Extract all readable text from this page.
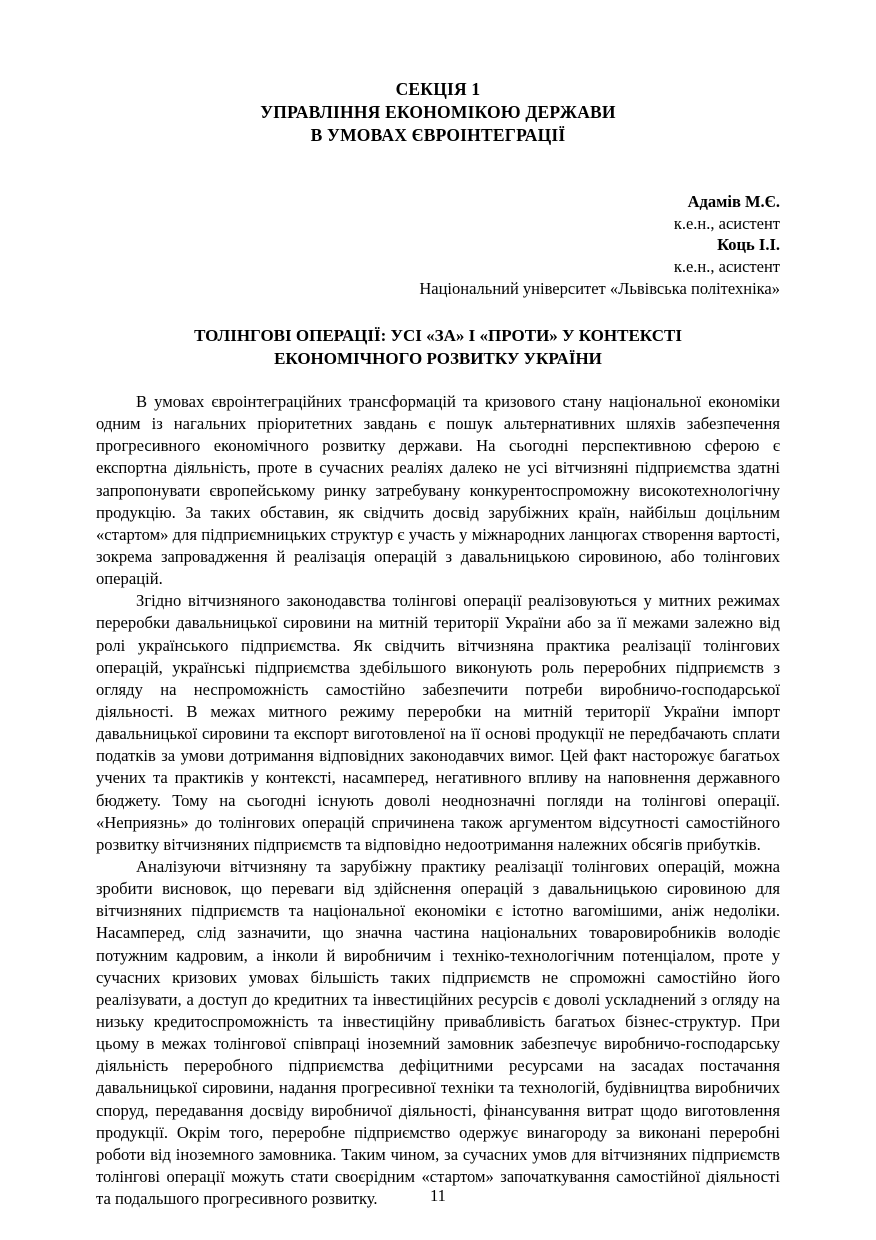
СЕКЦІЯ 1
УПРАВЛІННЯ ЕКОНОМІКОЮ ДЕРЖАВИ
В УМОВАХ ЄВРОІНТЕГРАЦІЇ
Адамів М.Є.
к.е.н., асистент
Коць І.І.
к.е.н., асистент
Національний університет «Львівська політехніка»
ТОЛІНГОВІ ОПЕРАЦІЇ: УСІ «ЗА» І «ПРОТИ» У КОНТЕКСТІ
ЕКОНОМІЧНОГО РОЗВИТКУ УКРАЇНИ

В умовах євроінтеграційних трансформацій та кризового стану національної економіки одним із нагальних пріоритетних завдань є пошук альтернативних шляхів забезпечення прогресивного економічного розвитку держави. На сьогодні перспективною сферою є експортна діяльність, проте в сучасних реаліях далеко не усі вітчизняні підприємства здатні запропонувати європейському ринку затребувану конкурентоспроможну високотехнологічну продукцію. За таких обставин, як свідчить досвід зарубіжних країн, найбільш доцільним «стартом» для підприємницьких структур є участь у міжнародних ланцюгах створення вартості, зокрема запровадження й реалізація операцій з давальницькою сировиною, або толінгових операцій.

Згідно вітчизняного законодавства толінгові операції реалізовуються у митних режимах переробки давальницької сировини на митній території України або за її межами залежно від ролі українського підприємства. Як свідчить вітчизняна практика реалізації толінгових операцій, українські підприємства здебільшого виконують роль переробних підприємств з огляду на неспроможність самостійно забезпечити потреби виробничо-господарської діяльності. В межах митного режиму переробки на митній території України імпорт давальницької сировини та експорт виготовленої на її основі продукції не передбачають сплати податків за умови дотримання відповідних законодавчих вимог. Цей факт насторожує багатьох учених та практиків у контексті, насамперед, негативного впливу на наповнення державного бюджету. Тому на сьогодні існують доволі неоднозначні погляди на толінгові операції. «Неприязнь» до толінгових операцій спричинена також аргументом відсутності самостійного розвитку вітчизняних підприємств та відповідно недоотримання належних обсягів прибутків.

Аналізуючи вітчизняну та зарубіжну практику реалізації толінгових операцій, можна зробити висновок, що переваги від здійснення операцій з давальницькою сировиною для вітчизняних підприємств та національної економіки є істотно вагомішими, аніж недоліки. Насамперед, слід зазначити, що значна частина національних товаровиробників володіє потужним кадровим, а інколи й виробничим і техніко-технологічним потенціалом, проте у сучасних кризових умовах більшість таких підприємств не спроможні самостійно його реалізувати, а доступ до кредитних та інвестиційних ресурсів є доволі ускладнений з огляду на низьку кредитоспроможність та інвестиційну привабливість багатьох бізнес-структур. При цьому в межах толінгової співпраці іноземний замовник забезпечує виробничо-господарську діяльність переробного підприємства дефіцитними ресурсами на засадах постачання давальницької сировини, надання прогресивної техніки та технологій, будівництва виробничих споруд, передавання досвіду виробничої діяльності, фінансування витрат щодо виготовлення продукції. Окрім того, переробне підприємство одержує винагороду за виконані переробні роботи від іноземного замовника. Таким чином, за сучасних умов для вітчизняних підприємств толінгові операції можуть стати своєрідним «стартом» започаткування самостійної діяльності та подальшого прогресивного розвитку.	11
